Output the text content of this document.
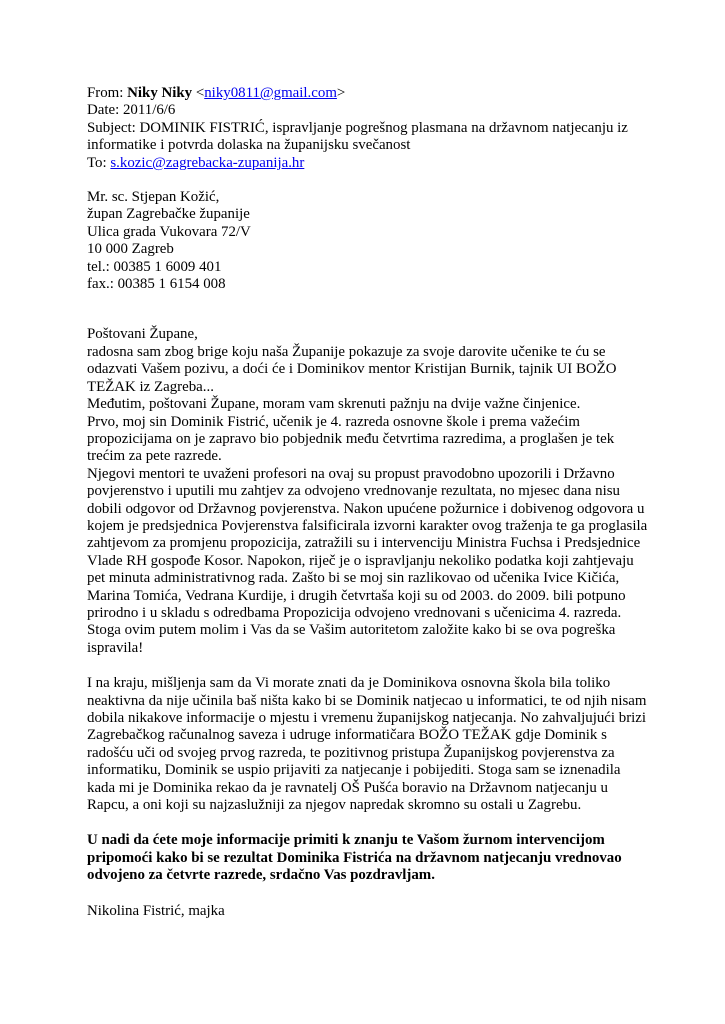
From: Niky Niky <niky0811@gmail.com>
Date: 2011/6/6
Subject: DOMINIK FISTRIĆ, ispravljanje pogrešnog plasmana na državnom natjecanju iz
informatike i potvrda dolaska na županijsku svečanost
To: s.kozic@zagrebacka-zupanija.hr
Mr. sc. Stjepan Kožić,
župan Zagrebačke županije
Ulica grada Vukovara 72/V
10 000 Zagreb
tel.: 00385 1 6009 401
fax.: 00385 1 6154 008
Poštovani Župane,
radosna sam zbog brige koju naša Županije pokazuje za svoje darovite učenike te ću se
odazvati Vašem pozivu, a doći će i Dominikov mentor Kristijan Burnik, tajnik UI BOŽO
TEŽAK iz Zagreba...
Međutim, poštovani Župane, moram vam skrenuti pažnju na dvije važne činjenice.
Prvo, moj sin Dominik Fistrić, učenik je 4. razreda osnovne škole i prema važećim
propozicijama on je zapravo bio pobjednik među četvrtima razredima, a proglašen je tek
trećim za pete razrede.
Njegovi mentori te uvaženi profesori na ovaj su propust pravodobno upozorili i Državno
povjerenstvo i uputili mu zahtjev za odvojeno vrednovanje rezultata, no mjesec dana nisu
dobili odgovor od Državnog povjerenstva. Nakon upućene požurnice i dobivenog odgovora u
kojem je predsjednica Povjerenstva falsificirala izvorni karakter ovog traženja te ga proglasila
zahtjevom za promjenu propozicija, zatražili su i intervenciju Ministra Fuchsa i Predsjednice
Vlade RH gospođe Kosor. Napokon, riječ je o ispravljanju nekoliko podatka koji zahtjevaju
pet minuta administrativnog rada. Zašto bi se moj sin razlikovao od učenika Ivice Kičića,
Marina Tomića, Vedrana Kurdije, i drugih četvrtaša koji su od 2003. do 2009. bili potpuno
prirodno i u skladu s odredbama Propozicija odvojeno vrednovani s učenicima 4. razreda.
Stoga ovim putem molim i Vas da se Vašim autoritetom založite kako bi se ova pogreška
ispravila!
I na kraju, mišljenja sam da Vi morate znati da je Dominikova osnovna škola bila toliko
neaktivna da nije učinila baš ništa kako bi se Dominik natjecao u informatici, te od njih nisam
dobila nikakove informacije o mjestu i vremenu županijskog natjecanja. No zahvaljujući brizi
Zagrebačkog računalnog saveza i udruge informatičara BOŽO TEŽAK gdje Dominik s
radošću uči od svojeg prvog razreda, te pozitivnog pristupa Županijskog povjerenstva za
informatiku, Dominik se uspio prijaviti za natjecanje i pobijediti. Stoga sam se iznenadila
kada mi je Dominika rekao da je ravnatelj OŠ Pušća boravio na Državnom natjecanju u
Rapcu, a oni koji su najzaslužniji za njegov napredak skromno su ostali u Zagrebu.
U nadi da ćete moje informacije primiti k znanju te Vašom žurnom intervencijom
pripomoći kako bi se rezultat Dominika Fistrića na državnom natjecanju vrednovao
odvojeno za četvrte razrede, srdačno Vas pozdravljam.
Nikolina Fistrić, majka
